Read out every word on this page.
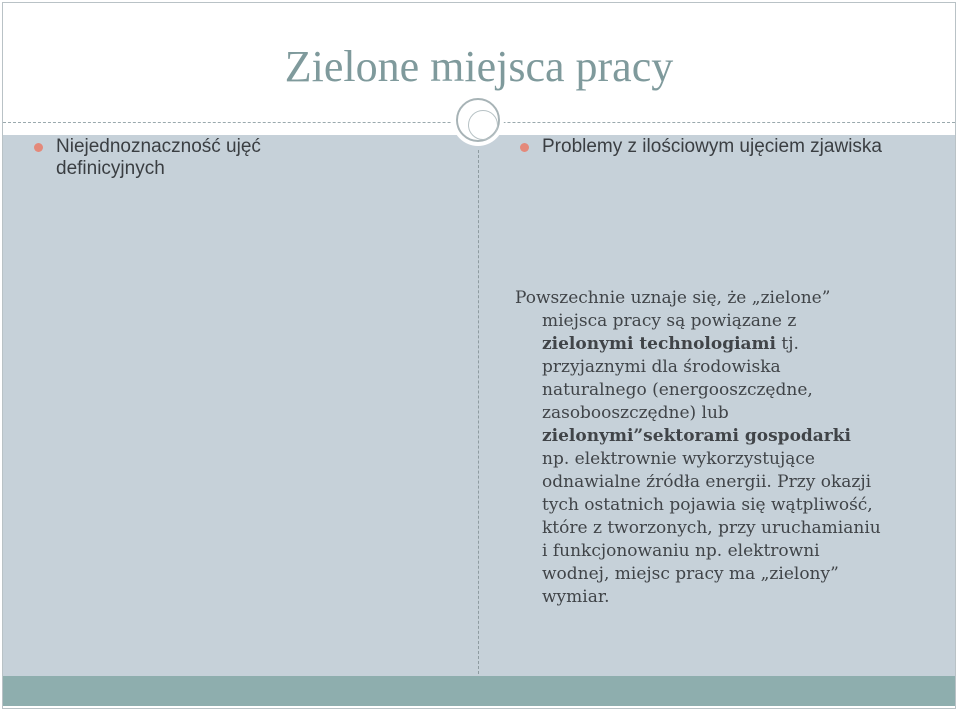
Zielone miejsca pracy
Niejednoznaczność ujęć definicyjnych
Problemy z ilościowym ujęciem zjawiska
Powszechnie uznaje się, że „zielone”
miejsca pracy są powiązane z
zielonymi technologiami tj.
przyjaznymi dla środowiska
naturalnego (energooszczędne,
zasobooszczędne) lub
zielonymi”sektorami gospodarki
np. elektrownie wykorzystujące
odnawialne źródła energii. Przy okazji
tych ostatnich pojawia się wątpliwość,
które z tworzonych, przy uruchamianiu
i funkcjonowaniu np. elektrowni
wodnej, miejsc pracy ma „zielony”
wymiar.
